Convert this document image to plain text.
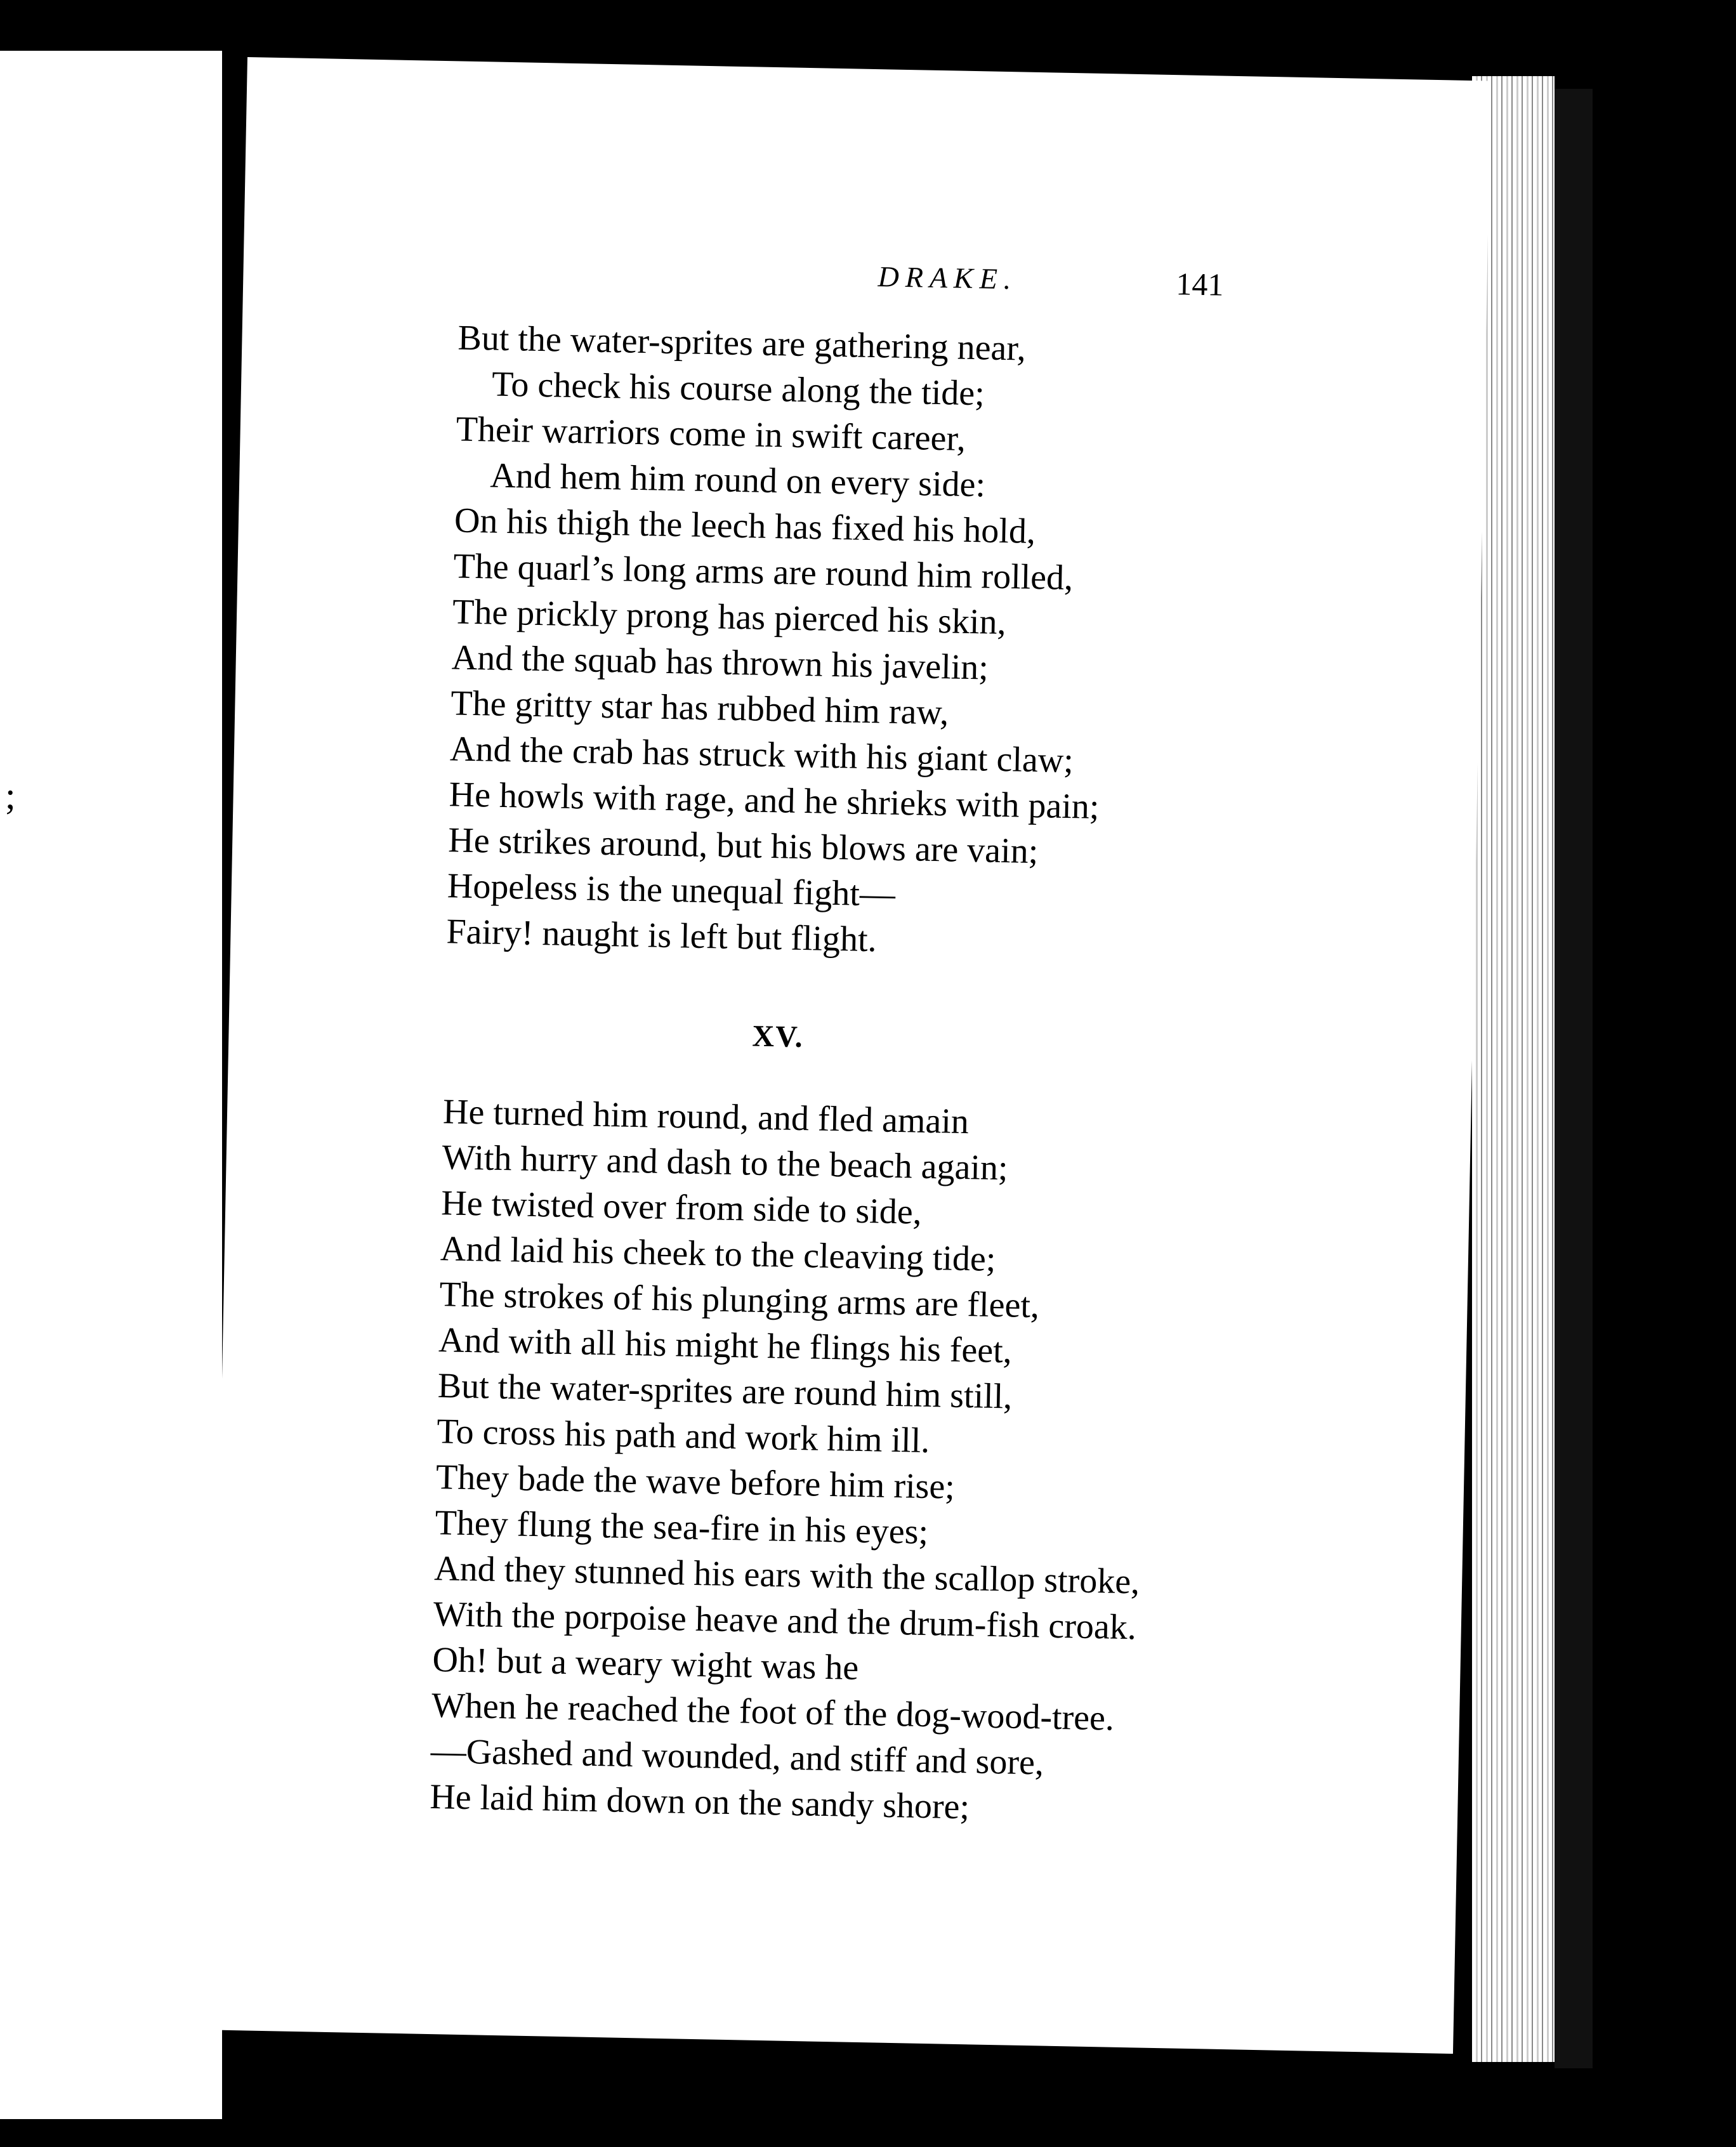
;
DRAKE.	141
But the water-sprites are gathering near,
To check his course along the tide;
Their warriors come in swift career,
And hem him round on every side:
On his thigh the leech has fixed his hold,
The quarl’s long arms are round him rolled,
The prickly prong has pierced his skin,
And the squab has thrown his javelin;
The gritty star has rubbed him raw,
And the crab has struck with his giant claw;
He howls with rage, and he shrieks with pain;
He strikes around, but his blows are vain;
Hopeless is the unequal fight—
Fairy! naught is left but flight.
XV.
He turned him round, and fled amain
With hurry and dash to the beach again;
He twisted over from side to side,
And laid his cheek to the cleaving tide;
The strokes of his plunging arms are fleet,
And with all his might he flings his feet,
But the water-sprites are round him still,
To cross his path and work him ill.
They bade the wave before him rise;
They flung the sea-fire in his eyes;
And they stunned his ears with the scallop stroke,
With the porpoise heave and the drum-fish croak.
Oh! but a weary wight was he
When he reached the foot of the dog-wood-tree.
—Gashed and wounded, and stiff and sore,
He laid him down on the sandy shore;
